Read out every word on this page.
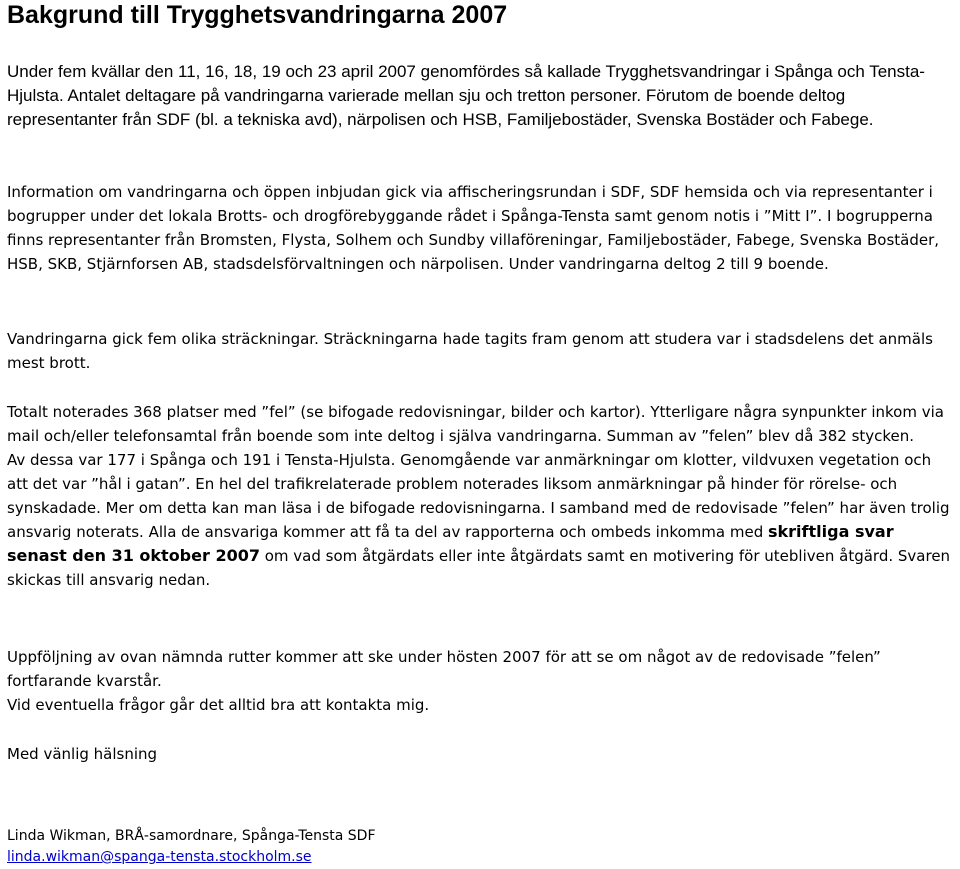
Bakgrund till Trygghetsvandringarna 2007

Under fem kvällar den 11, 16, 18, 19 och 23 april 2007 genomfördes så kallade Trygghetsvandringar i Spånga och Tensta-Hjulsta. Antalet deltagare på vandringarna varierade mellan sju och tretton personer. Förutom de boende deltog representanter från SDF (bl. a tekniska avd), närpolisen och HSB, Familjebostäder, Svenska Bostäder och Fabege.

Information om vandringarna och öppen inbjudan gick via affischeringsrundan i SDF, SDF hemsida och via representanter i bogrupper under det lokala Brotts- och drogförebyggande rådet i Spånga-Tensta samt genom notis i ”Mitt I”. I bogrupperna finns representanter från Bromsten, Flysta, Solhem och Sundby villaföreningar, Familjebostäder, Fabege, Svenska Bostäder, HSB, SKB, Stjärnforsen AB, stadsdelsförvaltningen och närpolisen. Under vandringarna deltog 2 till 9 boende.

Vandringarna gick fem olika sträckningar. Sträckningarna hade tagits fram genom att studera var i stadsdelens det anmäls mest brott.

Totalt noterades 368 platser med ”fel” (se bifogade redovisningar, bilder och kartor). Ytterligare några synpunkter inkom via mail och/eller telefonsamtal från boende som inte deltog i själva vandringarna. Summan av ”felen” blev då 382 stycken.
Av dessa var 177 i Spånga och 191 i Tensta-Hjulsta. Genomgående var anmärkningar om klotter, vildvuxen vegetation och att det var ”hål i gatan”. En hel del trafikrelaterade problem noterades liksom anmärkningar på hinder för rörelse- och synskadade. Mer om detta kan man läsa i de bifogade redovisningarna. I samband med de redovisade ”felen” har även trolig ansvarig noterats. Alla de ansvariga kommer att få ta del av rapporterna och ombeds inkomma med skriftliga svar senast den 31 oktober 2007 om vad som åtgärdats eller inte åtgärdats samt en motivering för utebliven åtgärd. Svaren skickas till ansvarig nedan.
Uppföljning av ovan nämnda rutter kommer att ske under hösten 2007 för att se om något av de redovisade ”felen” fortfarande kvarstår.
Vid eventuella frågor går det alltid bra att kontakta mig.

Med vänlig hälsning

Linda Wikman, BRÅ-samordnare, Spånga-Tensta SDF
linda.wikman@spanga-tensta.stockholm.se
